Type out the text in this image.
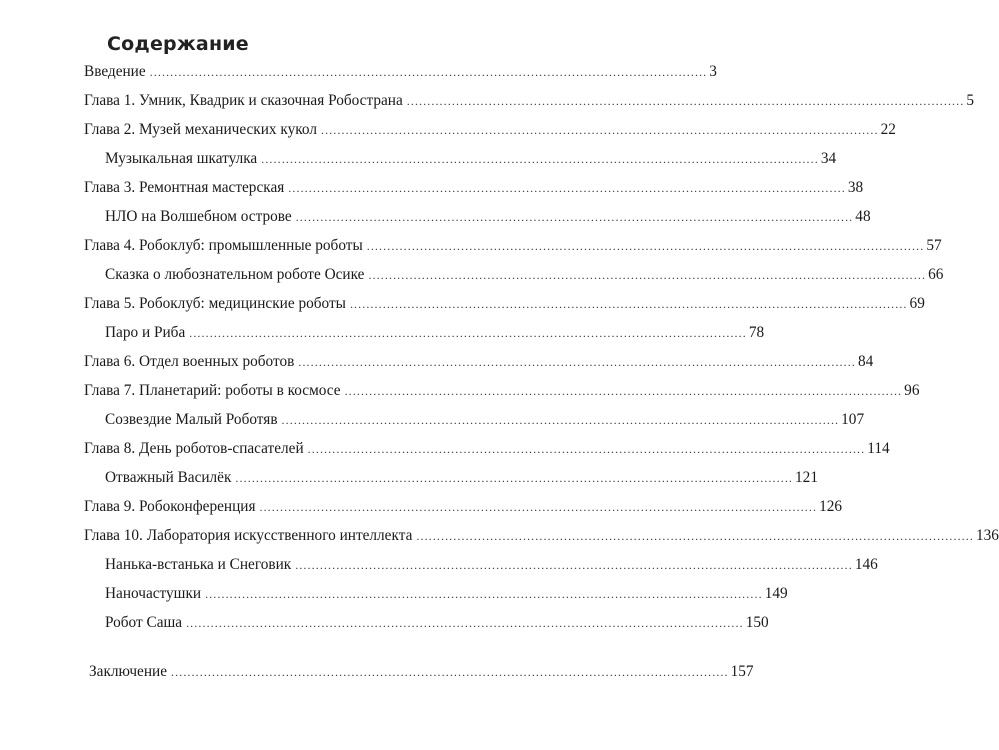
Содержание
Введение ........................................................................................................................................ 3
Глава 1. Умник, Квадрик и сказочная Робострана ........................................................................................................................................ 5
Глава 2. Музей механических кукол ........................................................................................................................................ 22
Музыкальная шкатулка ........................................................................................................................................ 34
Глава 3. Ремонтная мастерская ........................................................................................................................................ 38
НЛО на Волшебном острове ........................................................................................................................................ 48
Глава 4. Робоклуб: промышленные роботы ........................................................................................................................................ 57
Сказка о любознательном роботе Осике ........................................................................................................................................ 66
Глава 5. Робоклуб: медицинские роботы ........................................................................................................................................ 69
Паро и Риба ........................................................................................................................................ 78
Глава 6. Отдел военных роботов ........................................................................................................................................ 84
Глава 7. Планетарий: роботы в космосе ........................................................................................................................................ 96
Созвездие Малый Роботяв ........................................................................................................................................ 107
Глава 8. День роботов-спасателей ........................................................................................................................................ 114
Отважный Василёк ........................................................................................................................................ 121
Глава 9. Робоконференция ........................................................................................................................................ 126
Глава 10. Лаборатория искусственного интеллекта ........................................................................................................................................ 136
Нанька-встанька и Снеговик ........................................................................................................................................ 146
Наночастушки ........................................................................................................................................ 149
Робот Саша ........................................................................................................................................ 150
Заключение ........................................................................................................................................ 157
